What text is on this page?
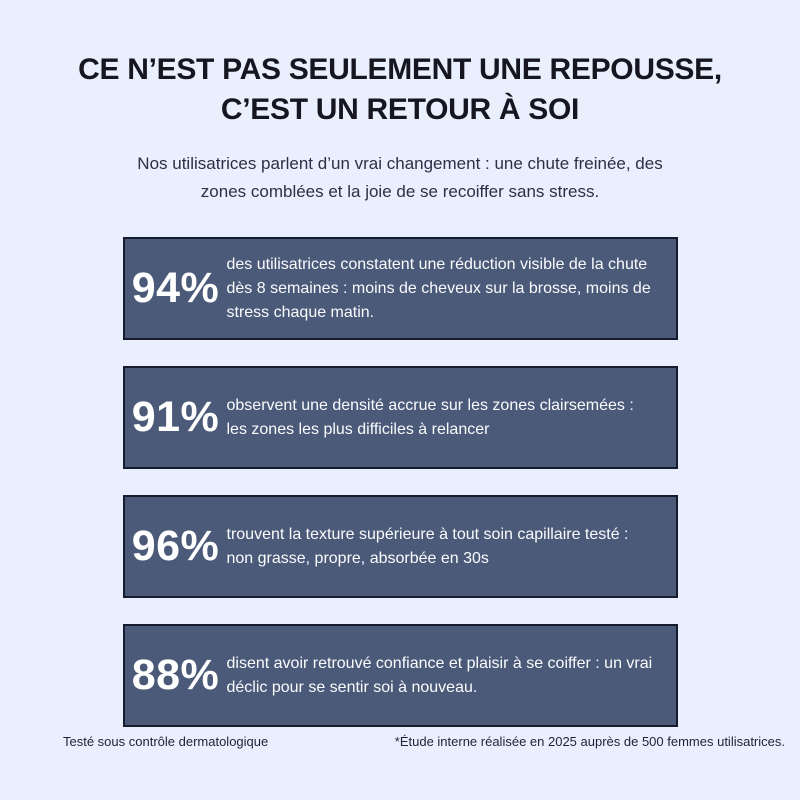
CE N’EST PAS SEULEMENT UNE REPOUSSE,
C’EST UN RETOUR À SOI

Nos utilisatrices parlent d’un vrai changement : une chute freinée, des
zones comblées et la joie de se recoiffer sans stress.

94% des utilisatrices constatent une réduction visible de la chute dès 8 semaines : moins de cheveux sur la brosse, moins de stress chaque matin.
91% observent une densité accrue sur les zones clairsemées : les zones les plus difficiles à relancer
96% trouvent la texture supérieure à tout soin capillaire testé : non grasse, propre, absorbée en 30s
88% disent avoir retrouvé confiance et plaisir à se coiffer : un vrai déclic pour se sentir soi à nouveau.
Testé sous contrôle dermatologique	*Étude interne réalisée en 2025 auprès de 500 femmes utilisatrices.
